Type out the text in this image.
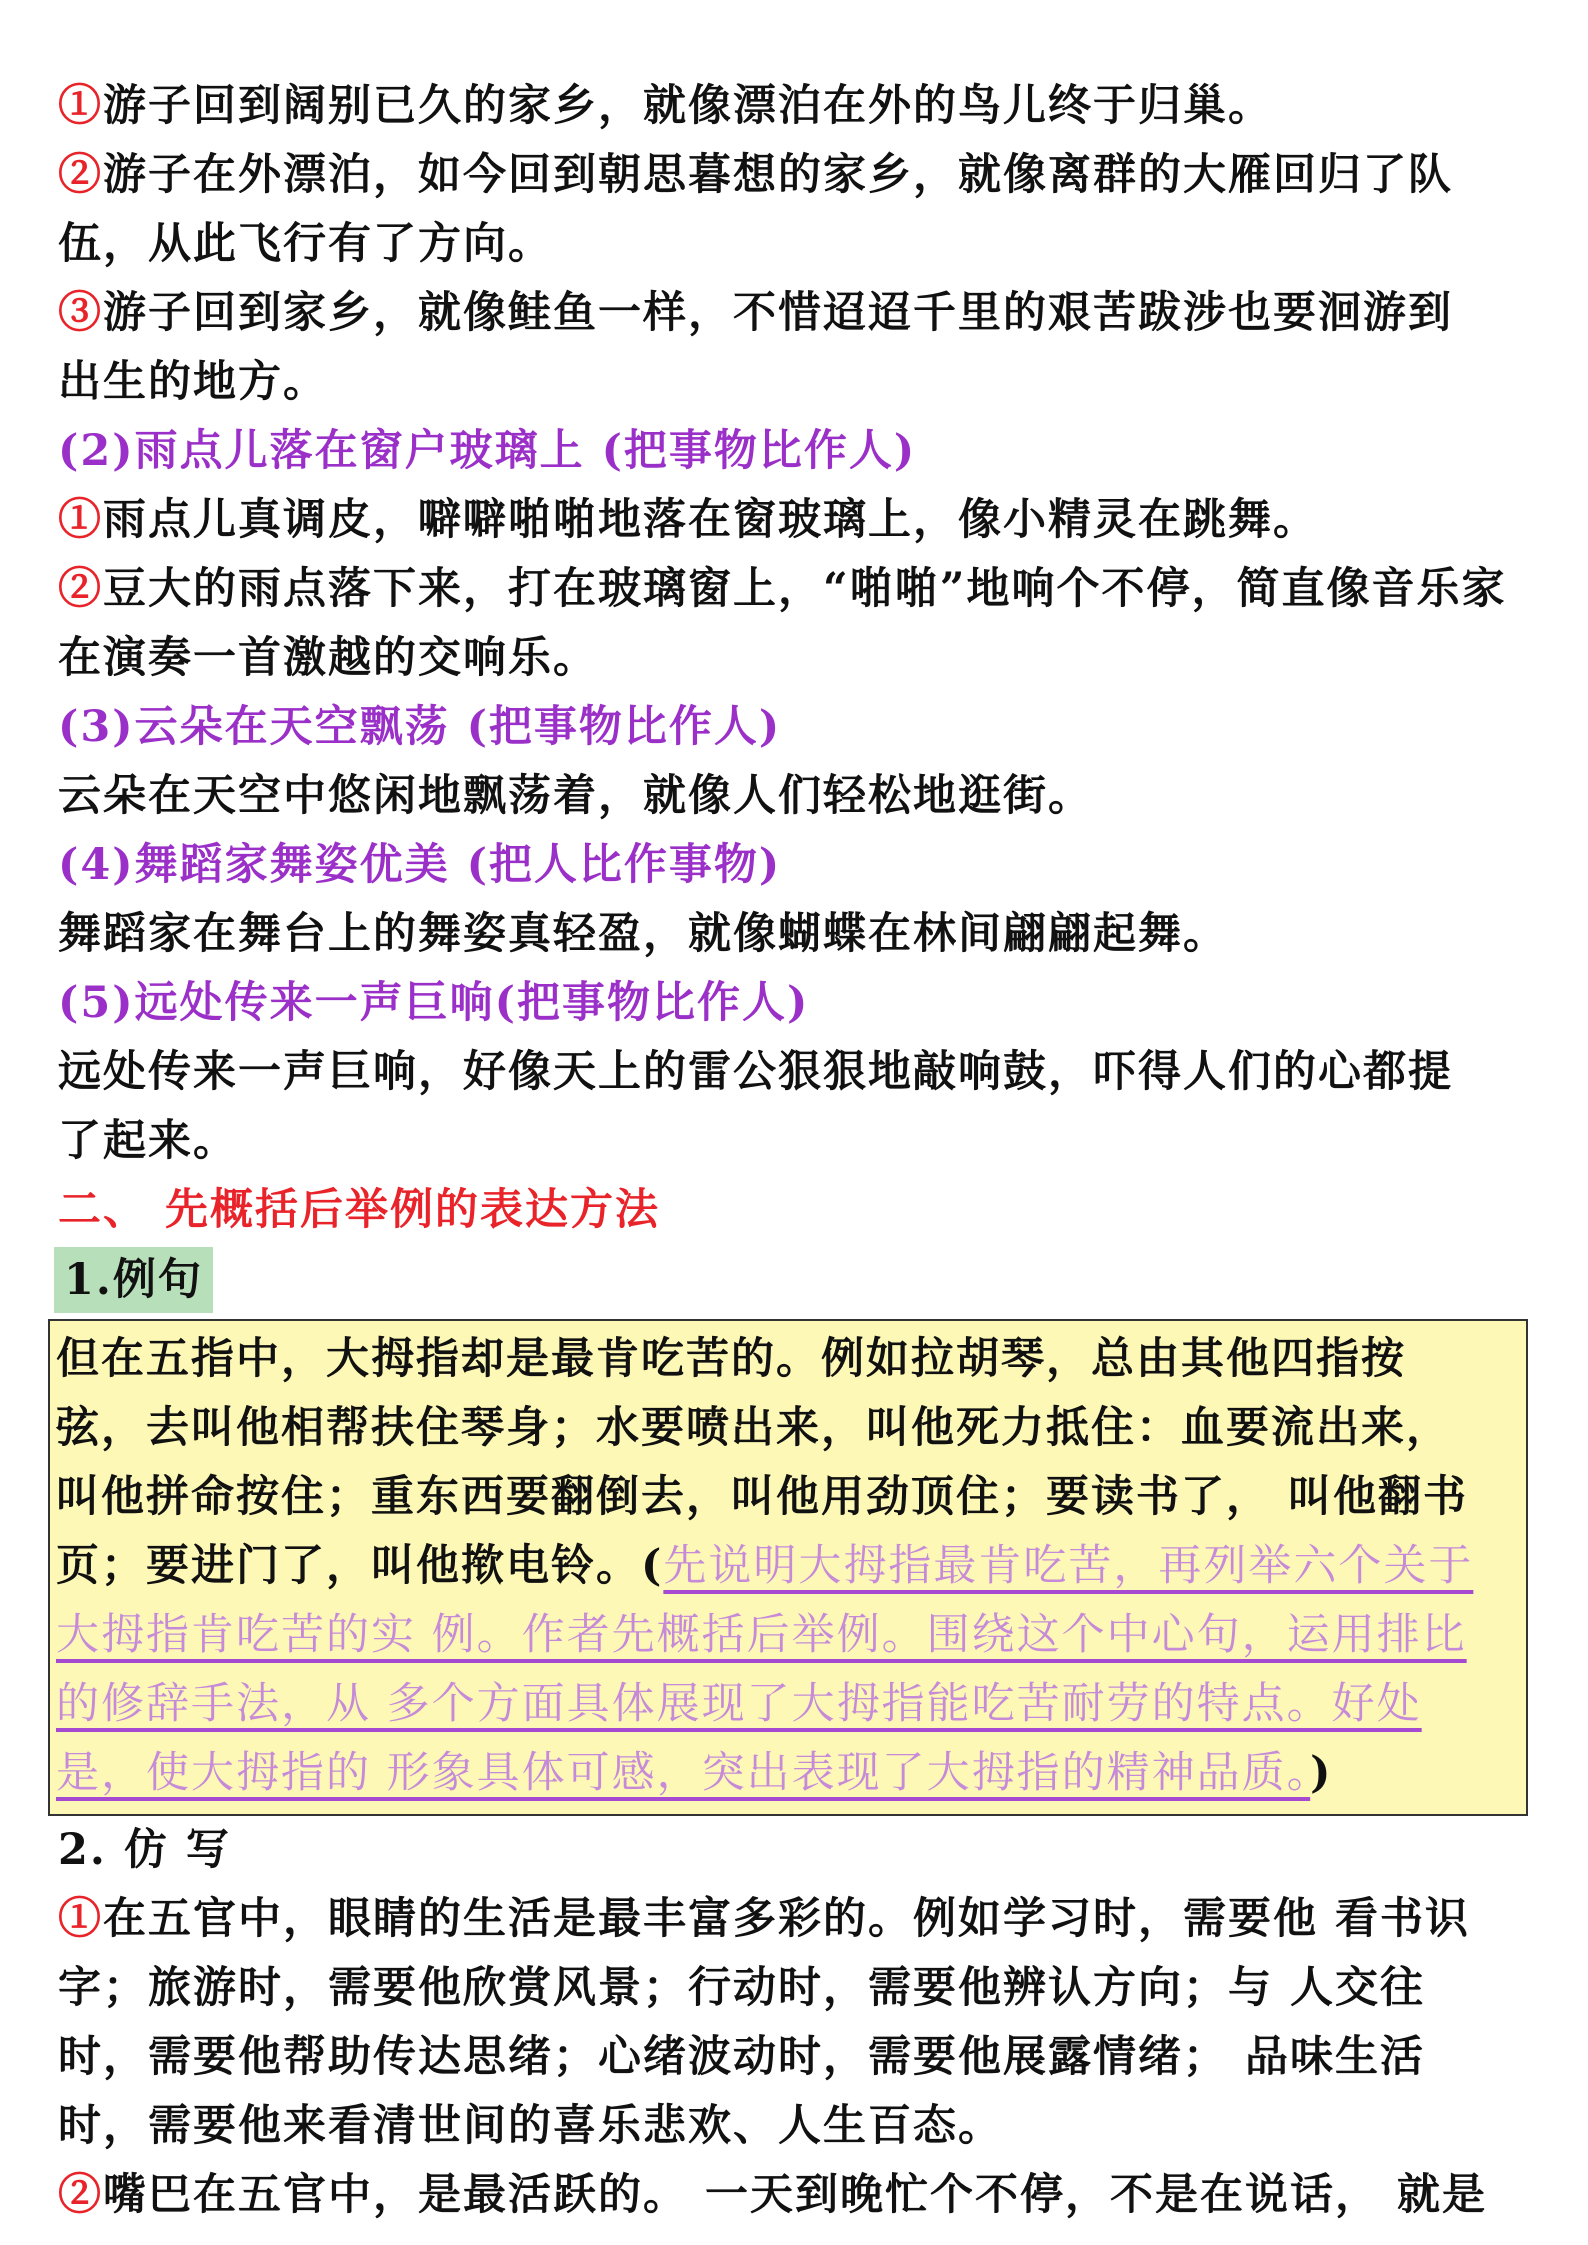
①游子回到阔别已久的家乡，就像漂泊在外的鸟儿终于归巢。

②游子在外漂泊，如今回到朝思暮想的家乡，就像离群的大雁回归了队

伍，从此飞行有了方向。

③游子回到家乡，就像鲑鱼一样，不惜迢迢千里的艰苦跋涉也要洄游到

出生的地方。

(2)雨点儿落在窗户玻璃上 (把事物比作人)

①雨点儿真调皮，噼噼啪啪地落在窗玻璃上，像小精灵在跳舞。

②豆大的雨点落下来，打在玻璃窗上，“啪啪”地响个不停，简直像音乐家

在演奏一首激越的交响乐。

(3)云朵在天空飘荡 (把事物比作人)

云朵在天空中悠闲地飘荡着，就像人们轻松地逛街。

(4)舞蹈家舞姿优美 (把人比作事物)

舞蹈家在舞台上的舞姿真轻盈，就像蝴蝶在林间翩翩起舞。

(5)远处传来一声巨响(把事物比作人)

远处传来一声巨响，好像天上的雷公狠狠地敲响鼓，吓得人们的心都提

了起来。

二、 先概括后举例的表达方法

1.例句

但在五指中，大拇指却是最肯吃苦的。例如拉胡琴，总由其他四指按

弦，去叫他相帮扶住琴身；水要喷出来，叫他死力抵住：血要流出来，

叫他拼命按住；重东西要翻倒去，叫他用劲顶住；要读书了， 叫他翻书

页；要进门了，叫他揿电铃。(先说明大拇指最肯吃苦，再列举六个关于

大拇指肯吃苦的实 例。作者先概括后举例。围绕这个中心句，运用排比

的修辞手法，从 多个方面具体展现了大拇指能吃苦耐劳的特点。好处

是，使大拇指的 形象具体可感，突出表现了大拇指的精神品质。)

2. 仿 写

①在五官中，眼睛的生活是最丰富多彩的。例如学习时，需要他 看书识

字；旅游时，需要他欣赏风景；行动时，需要他辨认方向；与 人交往

时，需要他帮助传达思绪；心绪波动时，需要他展露情绪； 品味生活

时，需要他来看清世间的喜乐悲欢、人生百态。

②嘴巴在五官中，是最活跃的。 一天到晚忙个不停，不是在说话， 就是
